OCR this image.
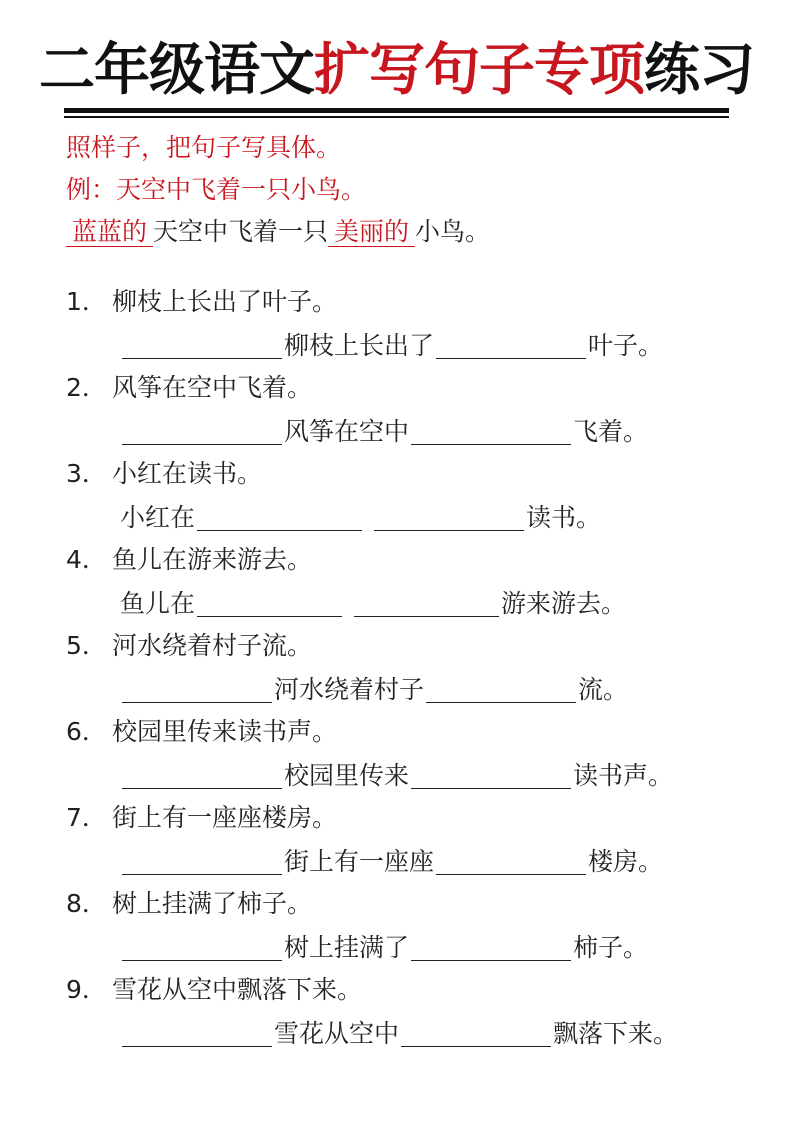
二年级语文扩写句子专项练习
照样子，把句子写具体。
例：天空中飞着一只小鸟。
蓝蓝的 天空中飞着一只 美丽的 小鸟。
1． 柳枝上长出了叶子。
柳枝上长出了	叶子。
2． 风筝在空中飞着。
风筝在空中	飞着。
3． 小红在读书。
小红在	读书。
4． 鱼儿在游来游去。
鱼儿在	游来游去。
5． 河水绕着村子流。
河水绕着村子	流。
6． 校园里传来读书声。
校园里传来	读书声。
7． 街上有一座座楼房。
街上有一座座	楼房。
8． 树上挂满了柿子。
树上挂满了	柿子。
9． 雪花从空中飘落下来。
雪花从空中	飘落下来。
